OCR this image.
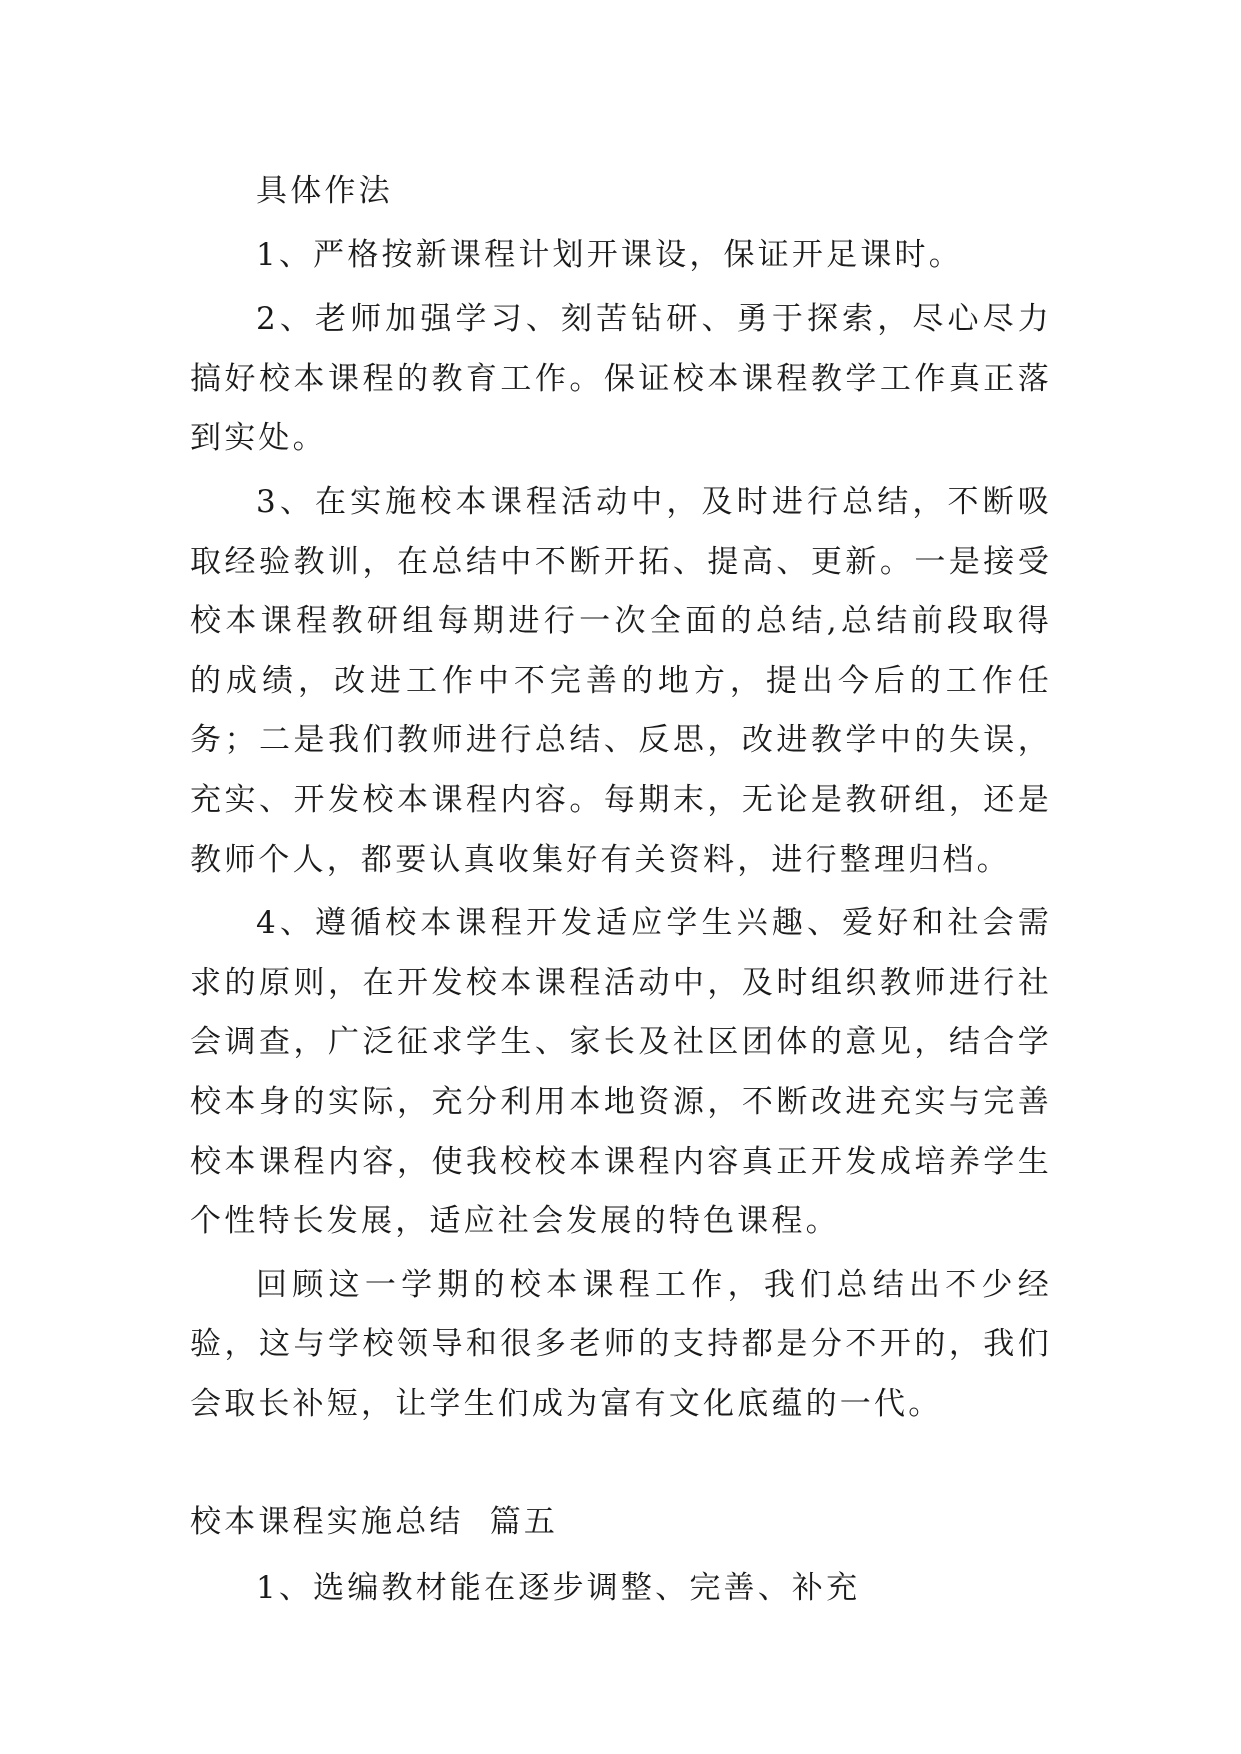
具体作法

1、严格按新课程计划开课设，保证开足课时。

2、老师加强学习、刻苦钻研、勇于探索，尽心尽力搞好校本课程的教育工作。保证校本课程教学工作真正落到实处。

3、在实施校本课程活动中，及时进行总结，不断吸取经验教训，在总结中不断开拓、提高、更新。一是接受校本课程教研组每期进行一次全面的总结,总结前段取得的成绩，改进工作中不完善的地方，提出今后的工作任务；二是我们教师进行总结、反思，改进教学中的失误，充实、开发校本课程内容。每期末，无论是教研组，还是教师个人，都要认真收集好有关资料，进行整理归档。

4、遵循校本课程开发适应学生兴趣、爱好和社会需求的原则，在开发校本课程活动中，及时组织教师进行社会调查，广泛征求学生、家长及社区团体的意见，结合学校本身的实际，充分利用本地资源，不断改进充实与完善校本课程内容，使我校校本课程内容真正开发成培养学生个性特长发展，适应社会发展的特色课程。

回顾这一学期的校本课程工作，我们总结出不少经验，这与学校领导和很多老师的支持都是分不开的，我们会取长补短，让学生们成为富有文化底蕴的一代。

校本课程实施总结  篇五

1、选编教材能在逐步调整、完善、补充
